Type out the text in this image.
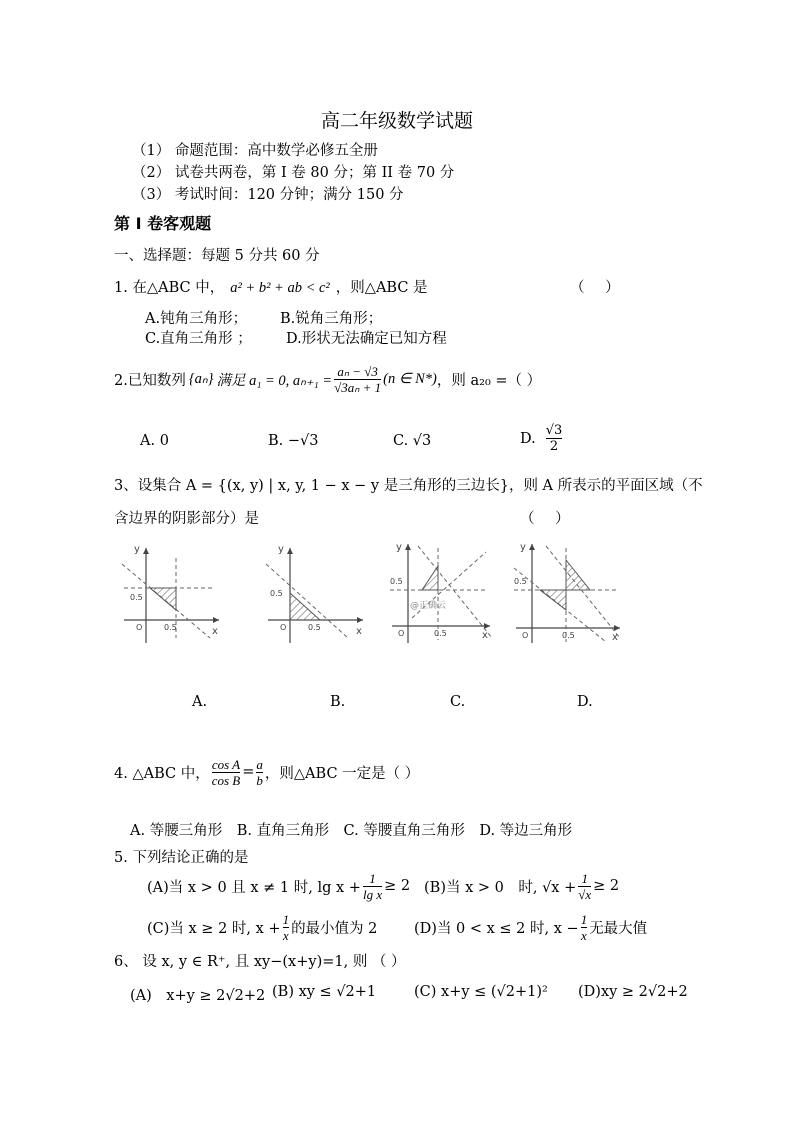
高二年级数学试题
（1） 命题范围：高中数学必修五全册
（2） 试卷共两卷，第 I 卷 80 分；第 II 卷 70 分
（3） 考试时间：120 分钟；满分 150 分
第 I 卷客观题
一、选择题：每题 5 分共 60 分
1. 在△ABC 中， a² + b² + ab < c² ，则△ABC 是	（ ）
A.钝角三角形； B.锐角三角形；
C.直角三角形 ； D.形状无法确定已知方程
2.已知数列 {aₙ} 满足 a₁ = 0, $a_{n+1} = \frac{\text{aₙ − √3}}{\text{√3aₙ + 1}} (n$ ∈ N*) ，则 a₂₀ =（ ）
A. 0	B. −√3	C. √3	D. $\frac{√3}{2}$
3、设集合 A = {(x, y) | x, y, 1 − x − y 是三角形的三边长}，则 A 所表示的平面区域（不
含边界的阴影部分）是	（ ）
y
x
O
0.5
0.5
y
x
O
0.5
0.5
y
x
O
0.5
0.5
@正确云
y
x
O
0.5
0.5
A.	B.	C.	D.
4. △ABC 中， $\frac{\text{cos A}}{\text{cos B}} = \frac{a}{b}$ ，则△ABC 一定是（ ）
A. 等腰三角形　B. 直角三角形　C. 等腰直角三角形　D. 等边三角形
5. 下列结论正确的是
(A)当 x > 0 且 x ≠ 1 时, $\lg x + \frac{1}{\text{lg x}} \ge 2$ (B)当 x > 0　时, $√x + \frac{1}{√x} \ge 2$
(C)当 x ≥ 2 时, $x + \frac{1}{x}$ 的最小值为 2	(D)当 0 < x ≤ 2 时, $x - \frac{1}{x}$ 无最大值
6、 设 x, y ∈ R⁺, 且 xy−(x+y)=1, 则 （ ）
(A)　x+y ≥ 2√2+2 (B) xy ≤ √2+1	(C) x+y ≤ (√2+1)² (D)xy ≥ 2√2+2
